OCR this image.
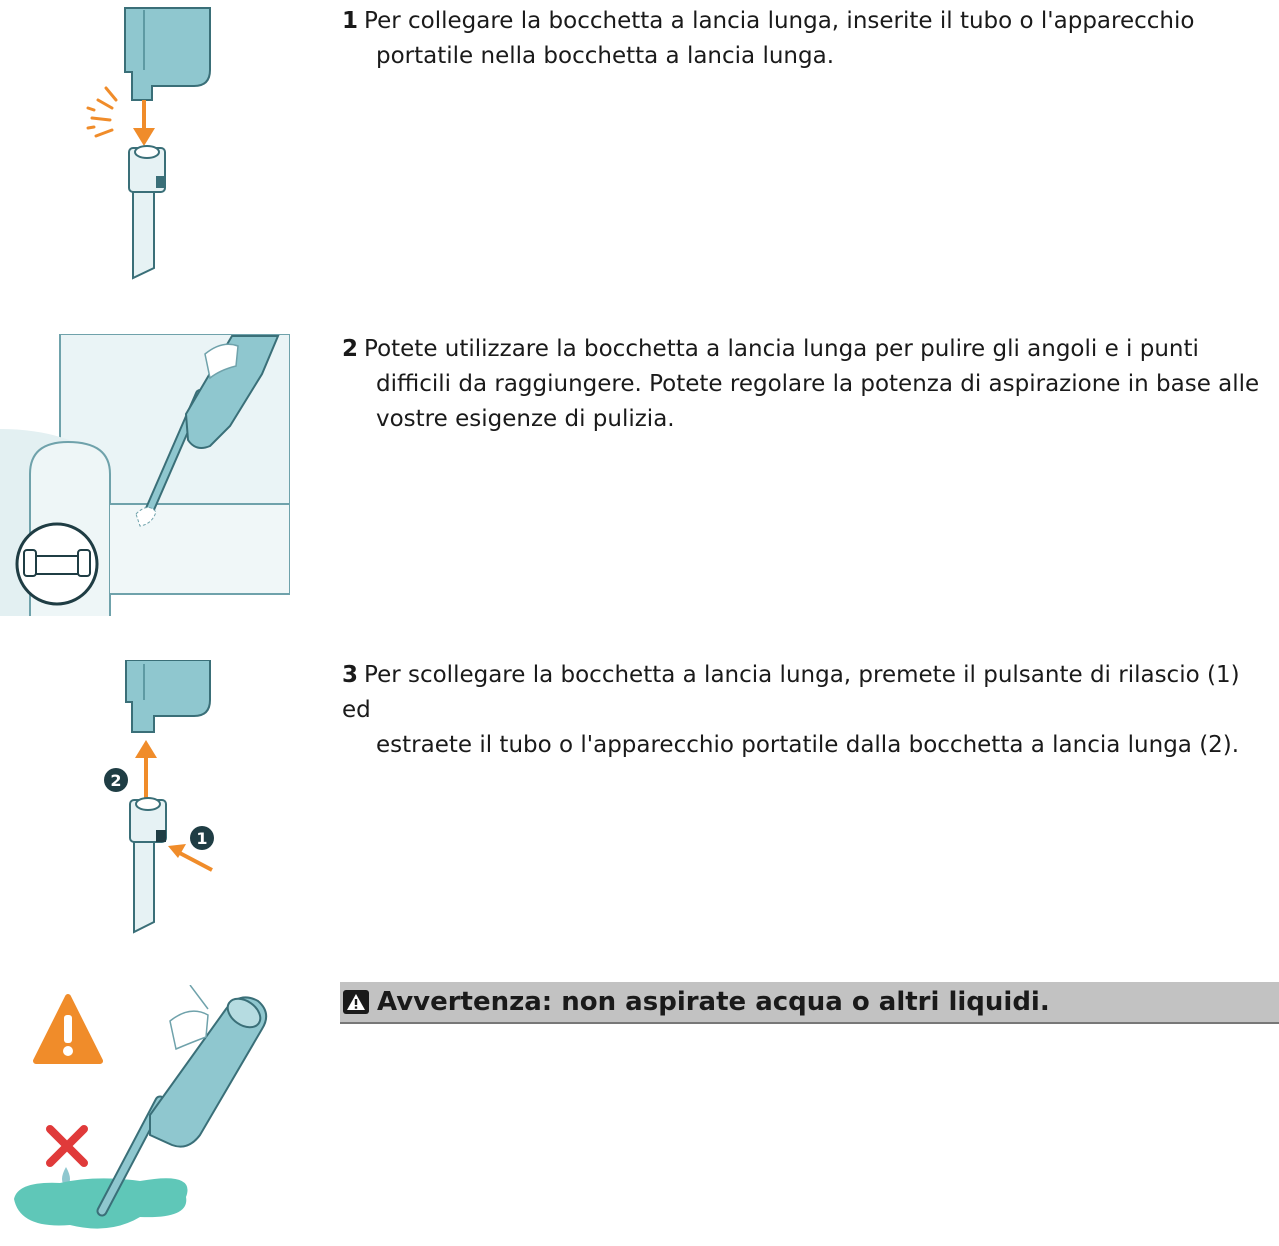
1 Per collegare la bocchetta a lancia lunga, inserite il tubo o l'apparecchio
portatile nella bocchetta a lancia lunga.
2 Potete utilizzare la bocchetta a lancia lunga per pulire gli angoli e i punti
difficili da raggiungere. Potete regolare la potenza di aspirazione in base alle
vostre esigenze di pulizia.
2
1
3 Per scollegare la bocchetta a lancia lunga, premete il pulsante di rilascio (1) ed
estraete il tubo o l'apparecchio portatile dalla bocchetta a lancia lunga (2).
Avvertenza: non aspirate acqua o altri liquidi.
